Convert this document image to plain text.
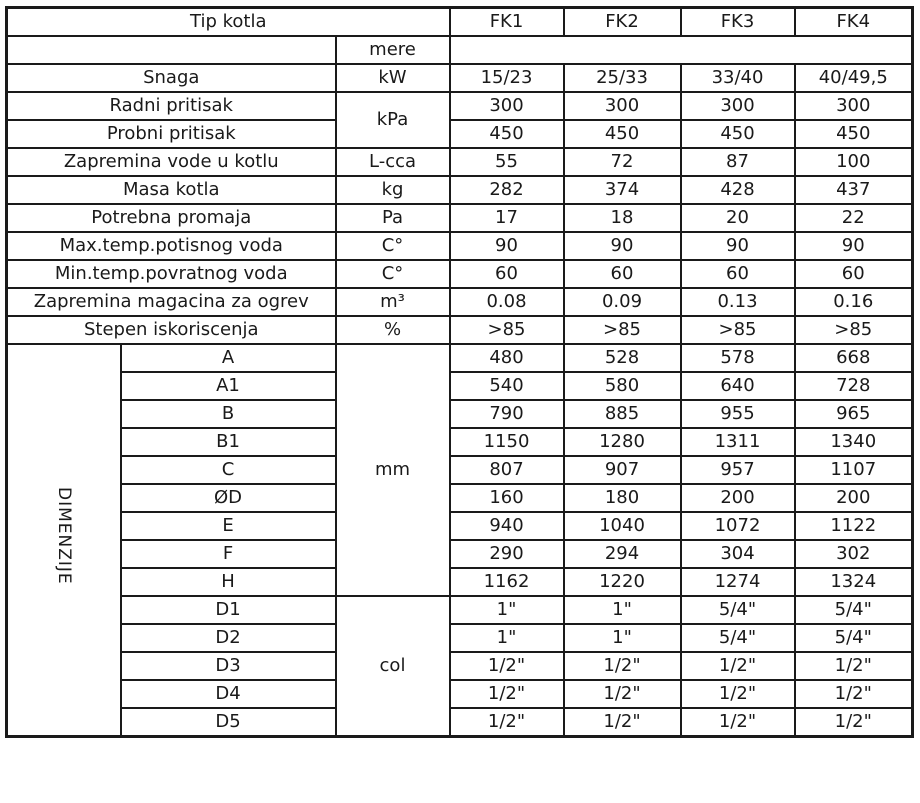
Tip kotla			FK1	FK2	FK3	FK4
		mere				
Snaga		kW	15/23	25/33	33/40	40/49,5
Radni pritisak		kPa	300	300	300	300
Probni pritisak			450	450	450	450
Zapremina vode u kotlu		L-cca	55	72	87	100
Masa kotla		kg	282	374	428	437
Potrebna promaja		Pa	17	18	20	22
Max.temp.potisnog voda		C°	90	90	90	90
Min.temp.povratnog voda		C°	60	60	60	60
Zapremina magacina za ogrev		m³	0.08	0.09	0.13	0.16
Stepen iskoriscenja		%	>85	>85	>85	>85
DIMENZIJE	A	mm	480	528	578	668
	A1		540	580	640	728
	B		790	885	955	965
	B1		1150	1280	1311	1340
	C		807	907	957	1107
	ØD		160	180	200	200
	E		940	1040	1072	1122
	F		290	294	304	302
	H		1162	1220	1274	1324
	D1	col	1"	1"	5/4"	5/4"
	D2		1"	1"	5/4"	5/4"
	D3		1/2"	1/2"	1/2"	1/2"
	D4		1/2"	1/2"	1/2"	1/2"
	D5		1/2"	1/2"	1/2"	1/2"
